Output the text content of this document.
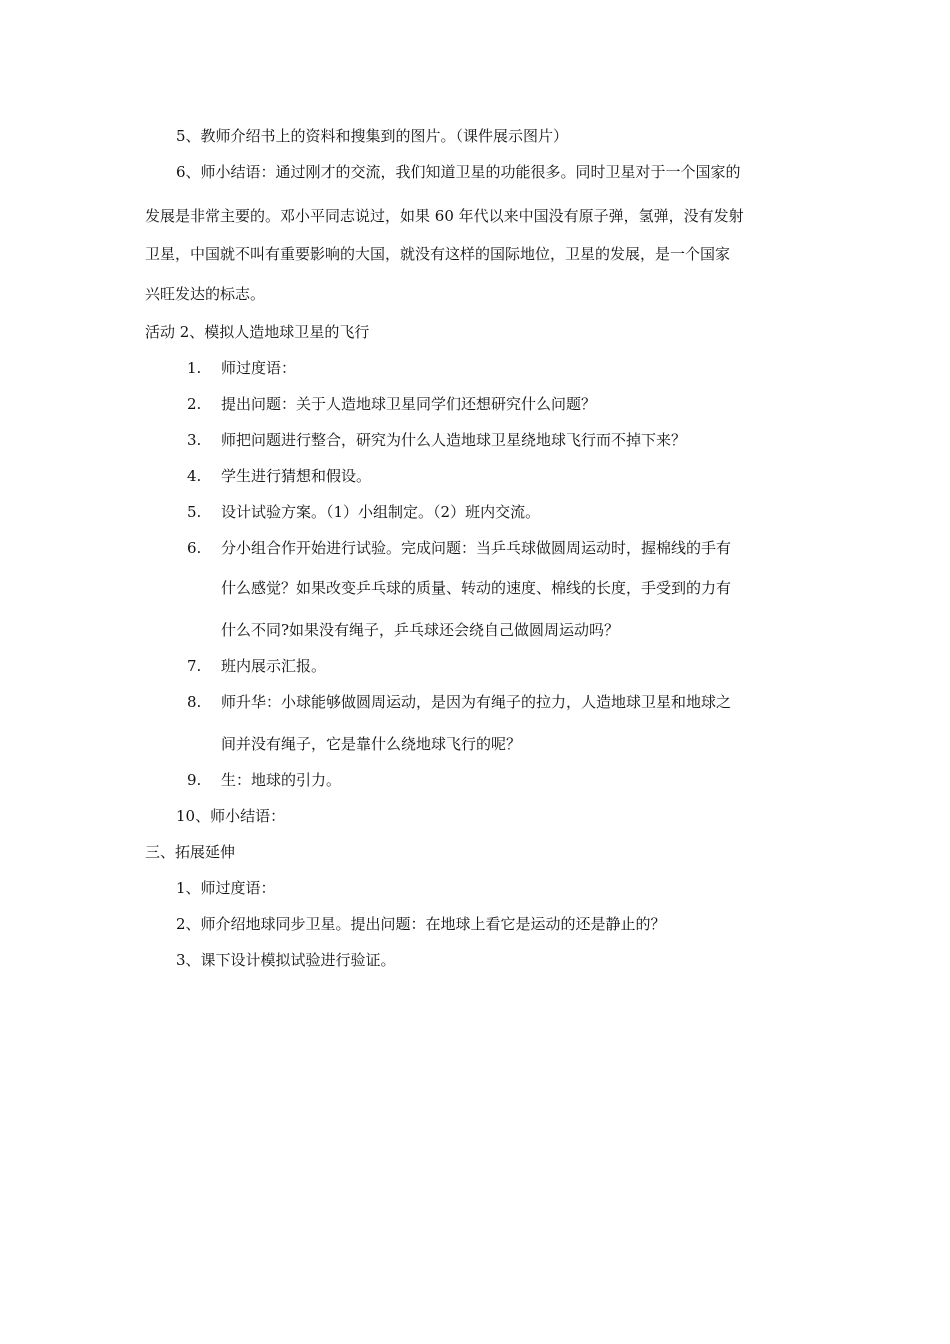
5、教师介绍书上的资料和搜集到的图片。（课件展示图片）
6、师小结语：通过刚才的交流，我们知道卫星的功能很多。同时卫星对于一个国家的
发展是非常主要的。邓小平同志说过，如果 60 年代以来中国没有原子弹，氢弹，没有发射
卫星，中国就不叫有重要影响的大国，就没有这样的国际地位，卫星的发展，是一个国家
兴旺发达的标志。
活动 2、模拟人造地球卫星的飞行
1. 师过度语：
2. 提出问题：关于人造地球卫星同学们还想研究什么问题？
3. 师把问题进行整合，研究为什么人造地球卫星绕地球飞行而不掉下来？
4. 学生进行猜想和假设。
5. 设计试验方案。（1）小组制定。（2）班内交流。
6. 分小组合作开始进行试验。完成问题：当乒乓球做圆周运动时，握棉线的手有
什么感觉？如果改变乒乓球的质量、转动的速度、棉线的长度，手受到的力有
什么不同?如果没有绳子，乒乓球还会绕自己做圆周运动吗？
7. 班内展示汇报。
8. 师升华：小球能够做圆周运动，是因为有绳子的拉力，人造地球卫星和地球之
间并没有绳子，它是靠什么绕地球飞行的呢？
9. 生：地球的引力。
10、师小结语：
三、拓展延伸
1、师过度语：
2、师介绍地球同步卫星。提出问题：在地球上看它是运动的还是静止的？
3、课下设计模拟试验进行验证。
